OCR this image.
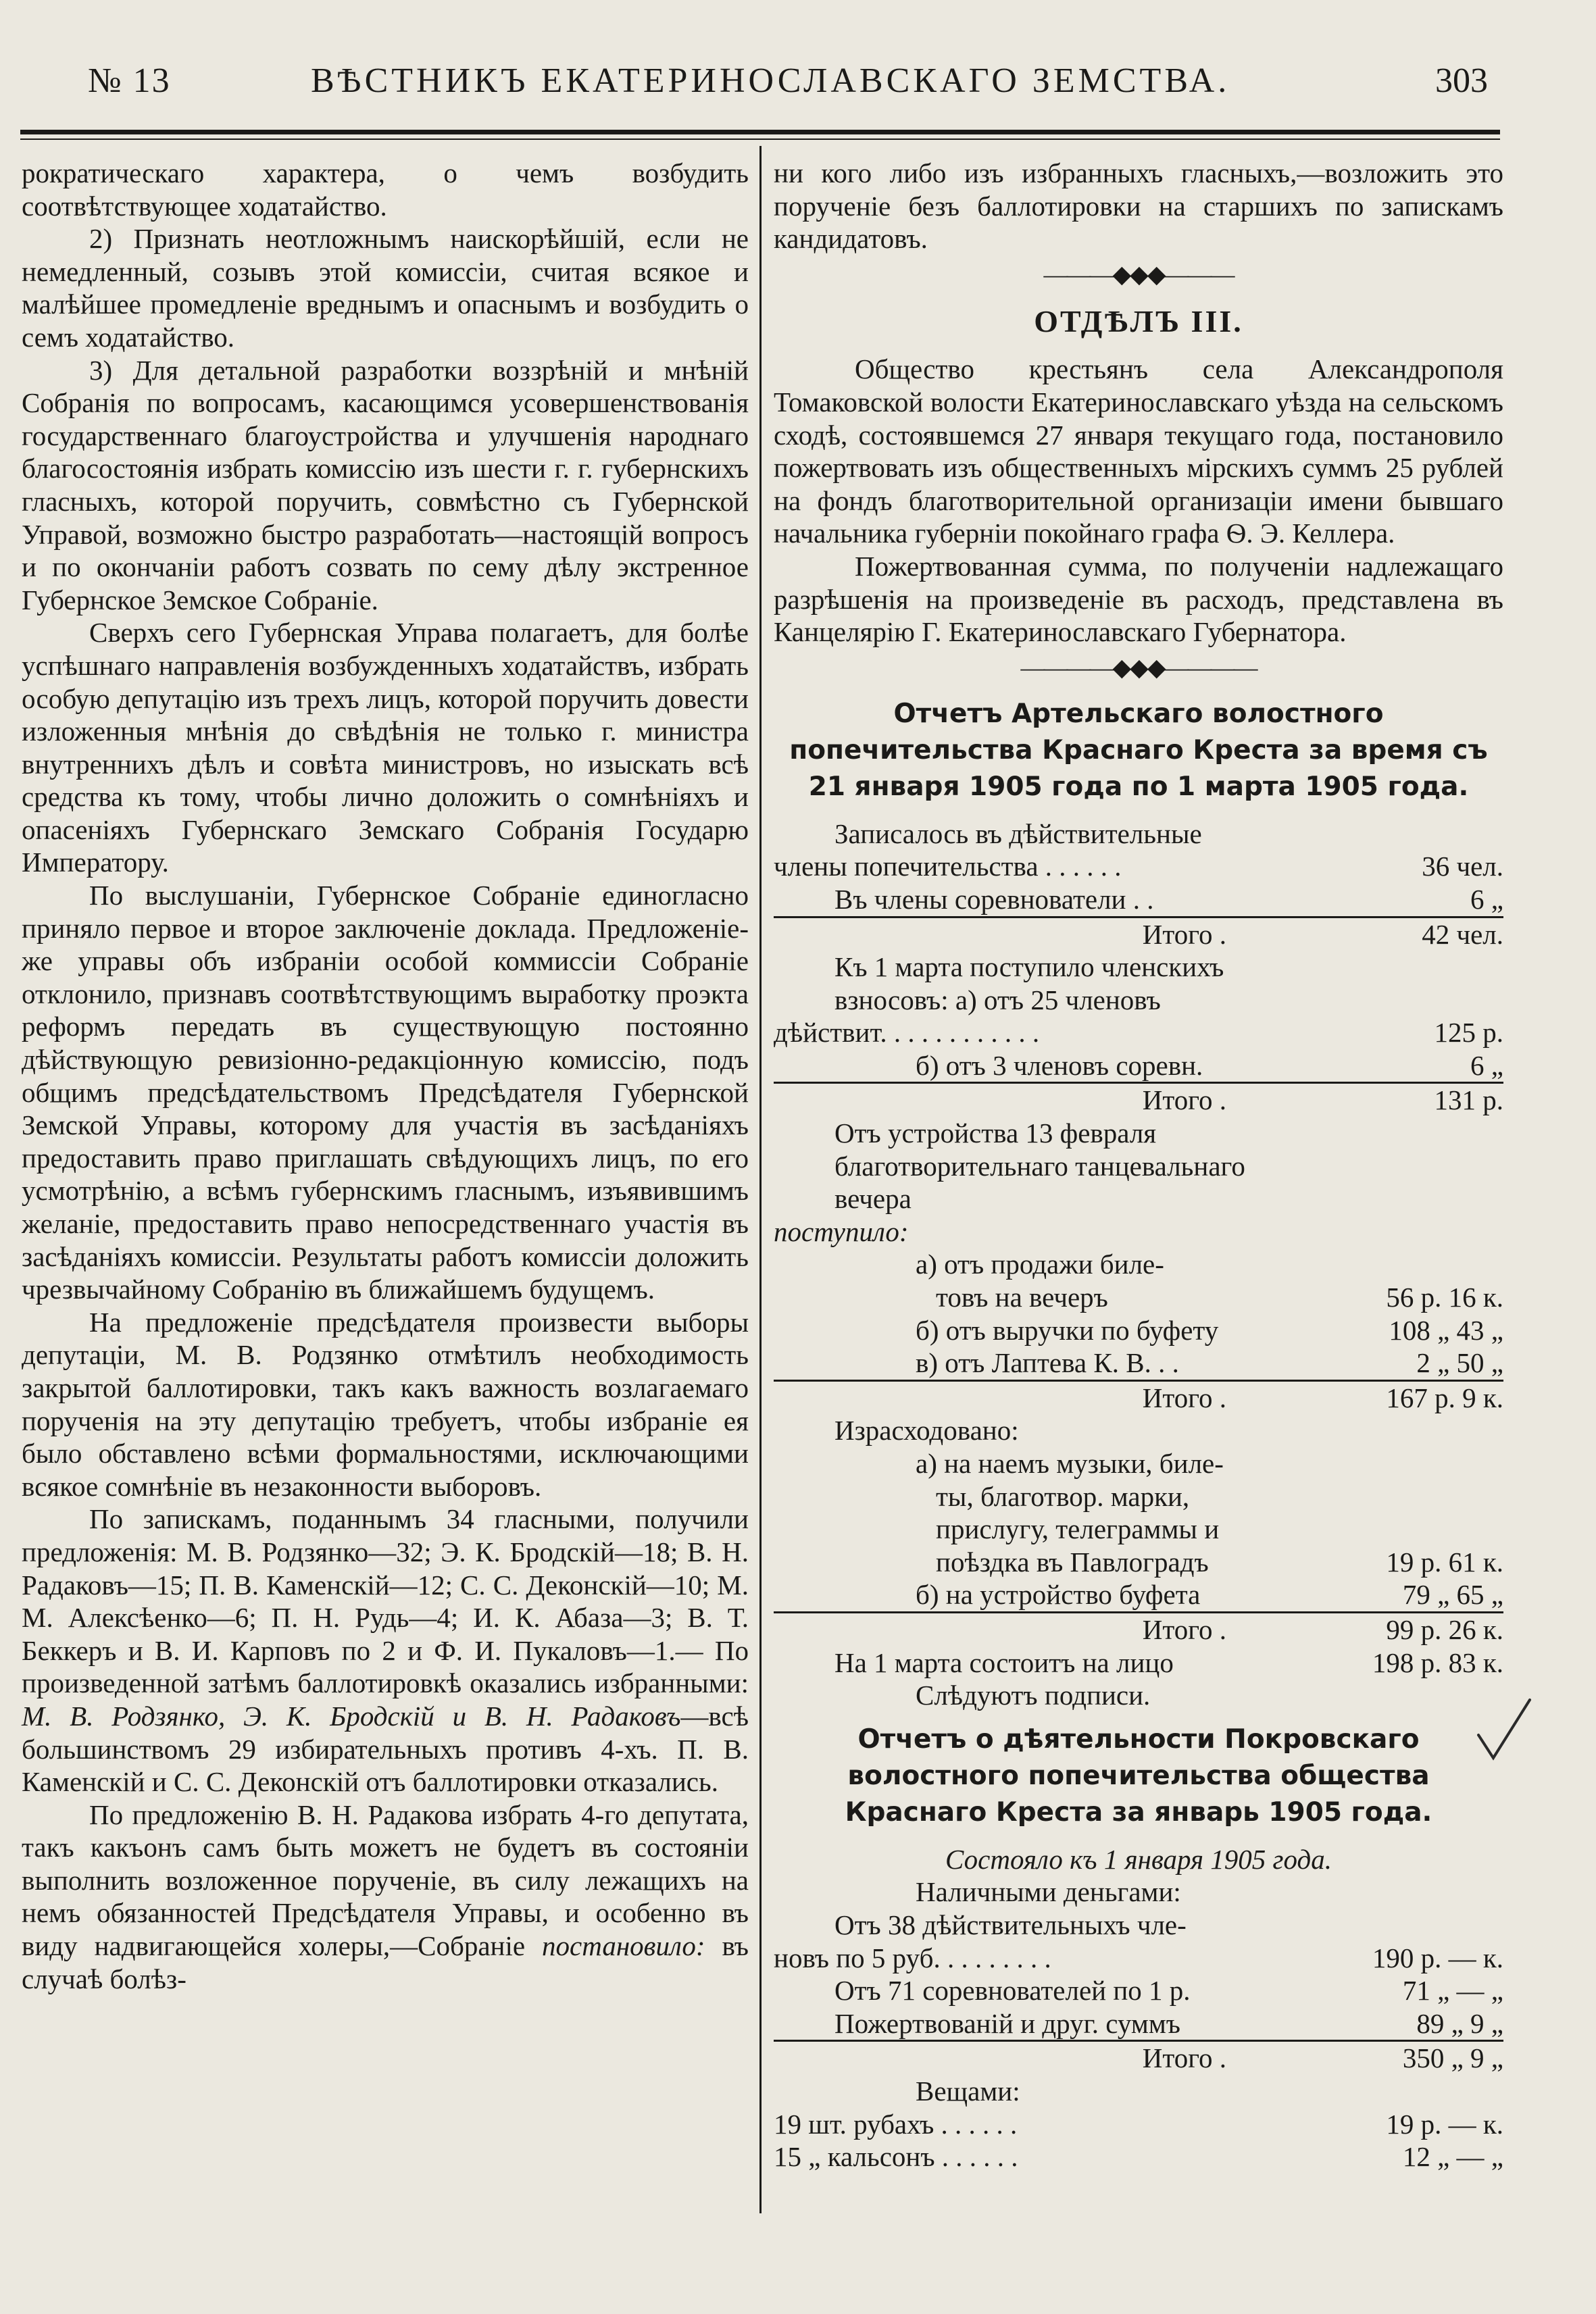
№ 13	ВѢСТНИКЪ ЕКАТЕРИНОСЛАВСКАГО ЗЕМСТВА.	303

рократическаго характера, о чемъ возбудить соотвѣтствующее ходатайство.

2) Признать неотложнымъ наискорѣйшій, если не немедленный, созывъ этой комиссіи, считая всякое и малѣйшее промедленіе вреднымъ и опаснымъ и возбудить о семъ ходатайство.

3) Для детальной разработки воззрѣній и мнѣній Собранія по вопросамъ, касающимся усовершенствованія государственнаго благоустройства и улучшенія народнаго благосостоянія избрать комиссію изъ шести г. г. губернскихъ гласныхъ, которой поручить, совмѣстно съ Губернской Управой, возможно быстро разработать—настоящій вопросъ и по окончаніи работъ созвать по сему дѣлу экстренное Губернское Земское Собраніе.

Сверхъ сего Губернская Управа полагаетъ, для болѣе успѣшнаго направленія возбужденныхъ ходатайствъ, избрать особую депутацію изъ трехъ лицъ, которой поручить довести изложенныя мнѣнія до свѣдѣнія не только г. министра внутреннихъ дѣлъ и совѣта министровъ, но изыскать всѣ средства къ тому, чтобы лично доложить о сомнѣніяхъ и опасеніяхъ Губернскаго Земскаго Собранія Государю Императору.

По выслушаніи, Губернское Собраніе единогласно приняло первое и второе заключеніе доклада. Предложеніе-же управы объ избраніи особой коммиссіи Собраніе отклонило, признавъ соотвѣтствующимъ выработку проэкта реформъ передать въ существующую постоянно дѣйствующую ревизіонно-редакціонную комиссію, подъ общимъ предсѣдательствомъ Предсѣдателя Губернской Земской Управы, которому для участія въ засѣданіяхъ предоставить право приглашать свѣдующихъ лицъ, по его усмотрѣнію, а всѣмъ губернскимъ гласнымъ, изъявившимъ желаніе, предоставить право непосредственнаго участія въ засѣданіяхъ комиссіи. Результаты работъ комиссіи доложить чрезвычайному Собранію въ ближайшемъ будущемъ.

На предложеніе предсѣдателя произвести выборы депутаціи, М. В. Родзянко отмѣтилъ необходимость закрытой баллотировки, такъ какъ важность возлагаемаго порученія на эту депутацію требуетъ, чтобы избраніе ея было обставлено всѣми формальностями, исключающими всякое сомнѣніе въ незаконности выборовъ.

По запискамъ, поданнымъ 34 гласными, получили предложенія: М. В. Родзянко—32; Э. К. Бродскій—18; В. Н. Радаковъ—15; П. В. Каменскій—12; С. С. Деконскій—10; М. М. Алексѣенко—6; П. Н. Рудь—4; И. К. Абаза—3; В. Т. Беккеръ и В. И. Карповъ по 2 и Ф. И. Пукаловъ—1.— По произведенной затѣмъ баллотировкѣ оказались избранными: М. В. Родзянко, Э. К. Бродскій и В. Н. Радаковъ—всѣ большинствомъ 29 избирательныхъ противъ 4-хъ. П. В. Каменскій и С. С. Деконскій отъ баллотировки отказались.

По предложенію В. Н. Радакова избрать 4-го депутата, такъ какъонъ самъ быть можетъ не будетъ въ состояніи выполнить возложенное порученіе, въ силу лежащихъ на немъ обязанностей Предсѣдателя Управы, и особенно въ виду надвигающейся холеры,—Собраніе постановило: въ случаѣ болѣз-

ни кого либо изъ избранныхъ гласныхъ,—возложить это порученіе безъ баллотировки на старшихъ по запискамъ кандидатовъ.

———◆◆◆———
ОТДѢЛЪ III.

Общество крестьянъ села Александрополя Томаковской волости Екатеринославскаго уѣзда на сельскомъ сходѣ, состоявшемся 27 января текущаго года, постановило пожертвовать изъ общественныхъ мірскихъ суммъ 25 рублей на фондъ благотворительной организаціи имени бывшаго начальника губерніи покойнаго графа Ѳ. Э. Келлера.

Пожертвованная сумма, по полученіи надлежащаго разрѣшенія на произведеніе въ расходъ, представлена въ Канцелярію Г. Екатеринославскаго Губернатора.

————◆◆◆————
Отчетъ Артельскаго волостного попечительства Краснаго Креста за время съ 21 января 1905 года по 1 марта 1905 года.
Записалось въ дѣйствительные
члены попечительства . . . . . .	36 чел.
Въ члены соревнователи . .	6 „
Итого .	42 чел.
Къ 1 марта поступило членскихъ взносовъ: а) отъ 25 членовъ
дѣйствит. . . . . . . . . . . .	125 р.
б) отъ 3 членовъ соревн.	6 „
Итого .	131 р.
Отъ устройства 13 февраля благотворительнаго танцевальнаго вечера
поступило:
а) отъ продажи биле-
товъ на вечеръ	56 р. 16 к.
б) отъ выручки по буфету	108 „ 43 „
в) отъ Лаптева К. В. . .	2 „ 50 „
Итого .	167 р. 9 к.
Израсходовано:
а) на наемъ музыки, биле-
ты, благотвор. марки,
прислугу, телеграммы и
поѣздка въ Павлоградъ	19 р. 61 к.
б) на устройство буфета	79 „ 65 „
Итого .	99 р. 26 к.
На 1 марта состоитъ на лицо	198 р. 83 к.
Слѣдуютъ подписи.
Отчетъ о дѣятельности Покровскаго волостного попечительства общества Краснаго Креста за январь 1905 года.
Состояло къ 1 января 1905 года.
Наличными деньгами:
Отъ 38 дѣйствительныхъ чле-
новъ по 5 руб. . . . . . . . .	190 р. — к.
Отъ 71 соревнователей по 1 р.	71 „ — „
Пожертвованій и друг. суммъ	89 „ 9 „
Итого .	350 „ 9 „
Вещами:
19 шт. рубахъ . . . . . .	19 р. — к.
15 „ кальсонъ . . . . . .	12 „ — „
